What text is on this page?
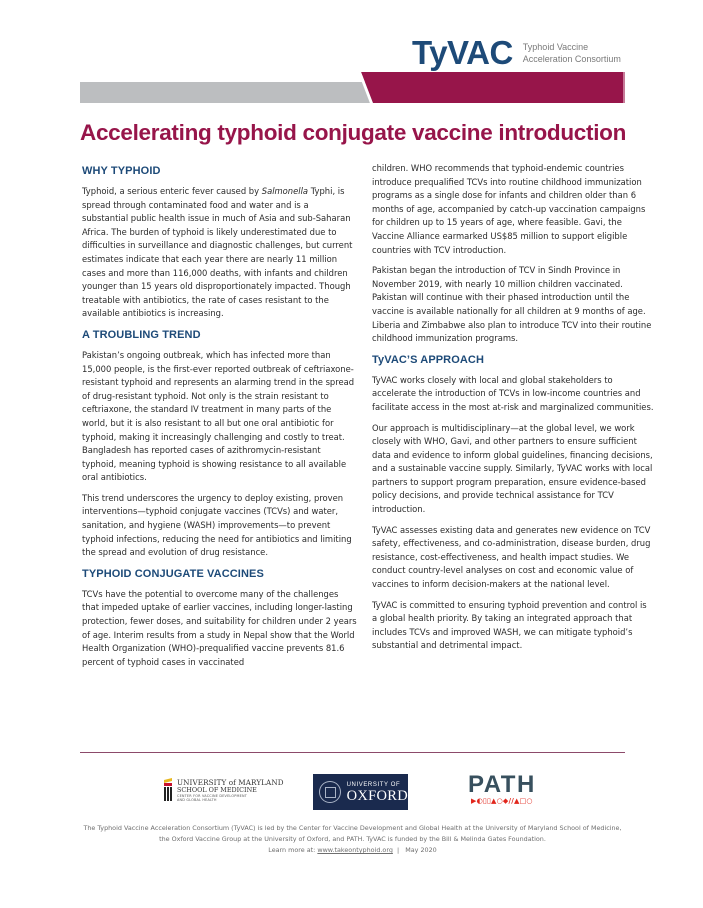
TyVAC Typhoid Vaccine
Acceleration Consortium
Accelerating typhoid conjugate vaccine introduction
WHY TYPHOID

Typhoid, a serious enteric fever caused by Salmonella Typhi, is spread through contaminated food and water and is a substantial public health issue in much of Asia and sub-Saharan Africa. The burden of typhoid is likely underestimated due to difficulties in surveillance and diagnostic challenges, but current estimates indicate that each year there are nearly 11 million cases and more than 116,000 deaths, with infants and children younger than 15 years old disproportionately impacted. Though treatable with antibiotics, the rate of cases resistant to the available antibiotics is increasing.

A TROUBLING TREND

Pakistan’s ongoing outbreak, which has infected more than 15,000 people, is the first-ever reported outbreak of ceftriaxone-resistant typhoid and represents an alarming trend in the spread of drug-resistant typhoid. Not only is the strain resistant to ceftriaxone, the standard IV treatment in many parts of the world, but it is also resistant to all but one oral antibiotic for typhoid, making it increasingly challenging and costly to treat. Bangladesh has reported cases of azithromycin-resistant typhoid, meaning typhoid is showing resistance to all available oral antibiotics.

This trend underscores the urgency to deploy existing, proven interventions—typhoid conjugate vaccines (TCVs) and water, sanitation, and hygiene (WASH) improvements—to prevent typhoid infections, reducing the need for antibiotics and limiting the spread and evolution of drug resistance.

TYPHOID CONJUGATE VACCINES

TCVs have the potential to overcome many of the challenges that impeded uptake of earlier vaccines, including longer-lasting protection, fewer doses, and suitability for children under 2 years of age. Interim results from a study in Nepal show that the World Health Organization (WHO)-prequalified vaccine prevents 81.6 percent of typhoid cases in vaccinated

children. WHO recommends that typhoid-endemic countries introduce prequalified TCVs into routine childhood immunization programs as a single dose for infants and children older than 6 months of age, accompanied by catch-up vaccination campaigns for children up to 15 years of age, where feasible. Gavi, the Vaccine Alliance earmarked US$85 million to support eligible countries with TCV introduction.

Pakistan began the introduction of TCV in Sindh Province in November 2019, with nearly 10 million children vaccinated. Pakistan will continue with their phased introduction until the vaccine is available nationally for all children at 9 months of age. Liberia and Zimbabwe also plan to introduce TCV into their routine childhood immunization programs.

TyVAC’S APPROACH

TyVAC works closely with local and global stakeholders to accelerate the introduction of TCVs in low-income countries and facilitate access in the most at-risk and marginalized communities.

Our approach is multidisciplinary—at the global level, we work closely with WHO, Gavi, and other partners to ensure sufficient data and evidence to inform global guidelines, financing decisions, and a sustainable vaccine supply. Similarly, TyVAC works with local partners to support program preparation, ensure evidence-based policy decisions, and provide technical assistance for TCV introduction.

TyVAC assesses existing data and generates new evidence on TCV safety, effectiveness, and co-administration, disease burden, drug resistance, cost-effectiveness, and health impact studies. We conduct country-level analyses on cost and economic value of vaccines to inform decision-makers at the national level.

TyVAC is committed to ensuring typhoid prevention and control is a global health priority. By taking an integrated approach that includes TCVs and improved WASH, we can mitigate typhoid’s substantial and detrimental impact.

UNIVERSITY of MARYLAND
SCHOOL OF MEDICINE
CENTER FOR VACCINE DEVELOPMENT
AND GLOBAL HEALTH
UNIVERSITY OF
OXFORD	PATH
▶◐▯▯▲○◆//▲□○
The Typhoid Vaccine Acceleration Consortium (TyVAC) is led by the Center for Vaccine Development and Global Health at the University of Maryland School of Medicine, the Oxford Vaccine Group at the University of Oxford, and PATH. TyVAC is funded by the Bill & Melinda Gates Foundation.
Learn more at: www.takeontyphoid.org  |   May 2020
